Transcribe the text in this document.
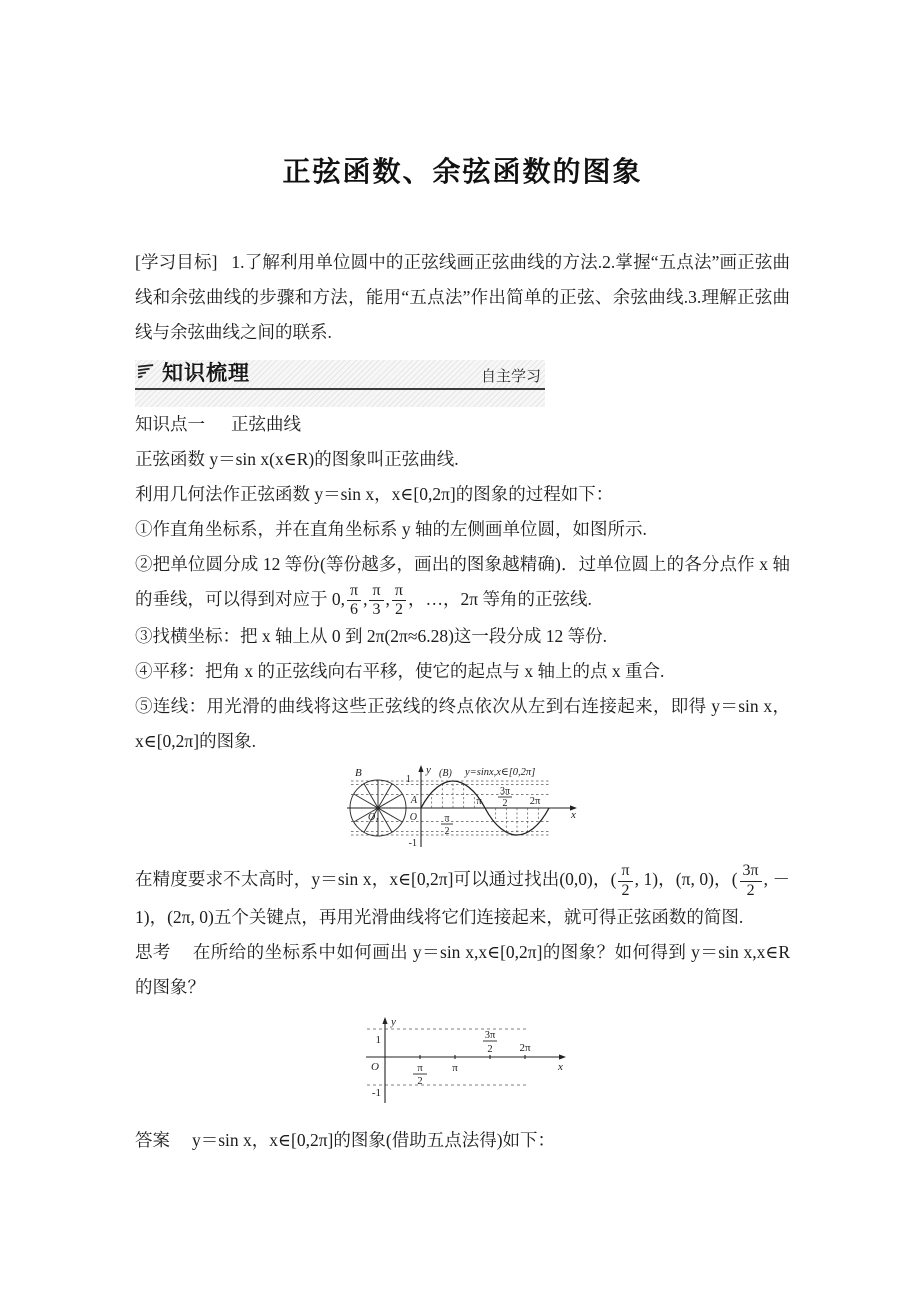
正弦函数、余弦函数的图象

[学习目标] 1.了解利用单位圆中的正弦线画正弦曲线的方法.2.掌握“五点法”画正弦曲线和余弦曲线的步骤和方法，能用“五点法”作出简单的正弦、余弦曲线.3.理解正弦曲线与余弦曲线之间的联系.

知识梳理	自主学习

知识点一 正弦曲线

正弦函数 y＝sin x(x∈R)的图象叫正弦曲线.

利用几何法作正弦函数 y＝sin x，x∈[0,2π]的图象的过程如下：

①作直角坐标系，并在直角坐标系 y 轴的左侧画单位圆，如图所示.

②把单位圆分成 12 等份(等份越多，画出的图象越精确)．过单位圆上的各分点作 x 轴的垂线，可以得到对应于 0, $\frac{\pi}{6}$ , $\frac{\pi}{3}$ , $\frac{\pi}{2}$ ，…，2π 等角的正弦线.

③找横坐标：把 x 轴上从 0 到 2π(2π≈6.28)这一段分成 12 等份.

④平移：把角 x 的正弦线向右平移，使它的起点与 x 轴上的点 x 重合.

⑤连线：用光滑的曲线将这些正弦线的终点依次从左到右连接起来，即得 y＝sin x，x∈[0,2π]的图象.

B	y
1
(B) y=sinx,x∈[0,2π]
A
$O_1$	O
-1
π
2
π
3π
2 2π
x

在精度要求不太高时，y＝sin x，x∈[0,2π]可以通过找出(0,0)，( $\frac{\pi}{2}$ , 1)，(π, 0)，( $\frac{3\pi}{2}$ , －1)，(2π, 0)五个关键点，再用光滑曲线将它们连接起来，就可得正弦函数的简图.

思考 在所给的坐标系中如何画出 y＝sin x,x∈[0,2π]的图象？如何得到 y＝sin x,x∈R 的图象？

y
1
-1
O	π
2
π
3π
2 2π
x

答案 y＝sin x，x∈[0,2π]的图象(借助五点法得)如下：
